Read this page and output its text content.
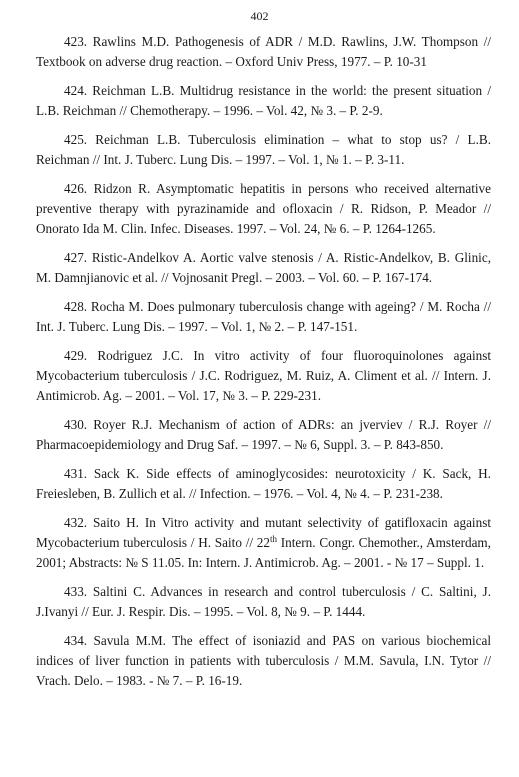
402

423. Rawlins M.D. Pathogenesis of ADR / M.D. Rawlins, J.W. Thompson // Textbook on adverse drug reaction. – Oxford Univ Press, 1977. – P. 10-31

424. Reichman L.B. Multidrug resistance in the world: the present situation / L.B. Reichman // Chemotherapy. – 1996. – Vol. 42, № 3. – P. 2-9.

425. Reichman L.B. Tuberculosis elimination – what to stop us? / L.B. Reichman // Int. J. Tuberc. Lung Dis. – 1997. – Vol. 1, № 1. – P. 3-11.

426. Ridzon R. Asymptomatic hepatitis in persons who received alternative preventive therapy with pyrazinamide and ofloxacin / R. Ridson, P. Meador // Onorato Ida M. Clin. Infec. Diseases. 1997. – Vol. 24, № 6. – P. 1264-1265.

427. Ristic-Andelkov A. Aortic valve stenosis / A. Ristic-Andelkov, B. Glinic, M. Damnjianovic et al. // Vojnosanit Pregl. – 2003. – Vol. 60. – P. 167-174.

428. Rocha M. Does pulmonary tuberculosis change with ageing? / M. Rocha // Int. J. Tuberc. Lung Dis. – 1997. – Vol. 1, № 2. – P. 147-151.

429. Rodriguez J.C. In vitro activity of four fluoroquinolones against Mycobacterium tuberculosis / J.C. Rodriguez, M. Ruiz, A. Climent et al. // Intern. J. Antimicrob. Ag. – 2001. – Vol. 17, № 3. – P. 229-231.

430. Royer R.J. Mechanism of action of ADRs: an jverviev / R.J. Royer // Pharmacoepidemiology and Drug Saf. – 1997. – № 6, Suppl. 3. – P. 843-850.

431. Sack K. Side effects of aminoglycosides: neurotoxicity / K. Sack, H. Freiesleben, B. Zullich et al. // Infection. – 1976. – Vol. 4, № 4. – P. 231-238.

432. Saito H. In Vitro activity and mutant selectivity of gatifloxacin against Mycobacterium tuberculosis / H. Saito // 22th Intern. Congr. Chemother., Amsterdam, 2001; Abstracts: № S 11.05. In: Intern. J. Antimicrob. Ag. – 2001. - № 17 – Suppl. 1.

433. Saltini C. Advances in research and control tuberculosis / C. Saltini, J. J.Ivanyi // Eur. J. Respir. Dis. – 1995. – Vol. 8, № 9. – P. 1444.

434. Savula M.M. The effect of isoniazid and PAS on various biochemical indices of liver function in patients with tuberculosis / M.M. Savula, I.N. Tytor // Vrach. Delo. – 1983. - № 7. – P. 16-19.
